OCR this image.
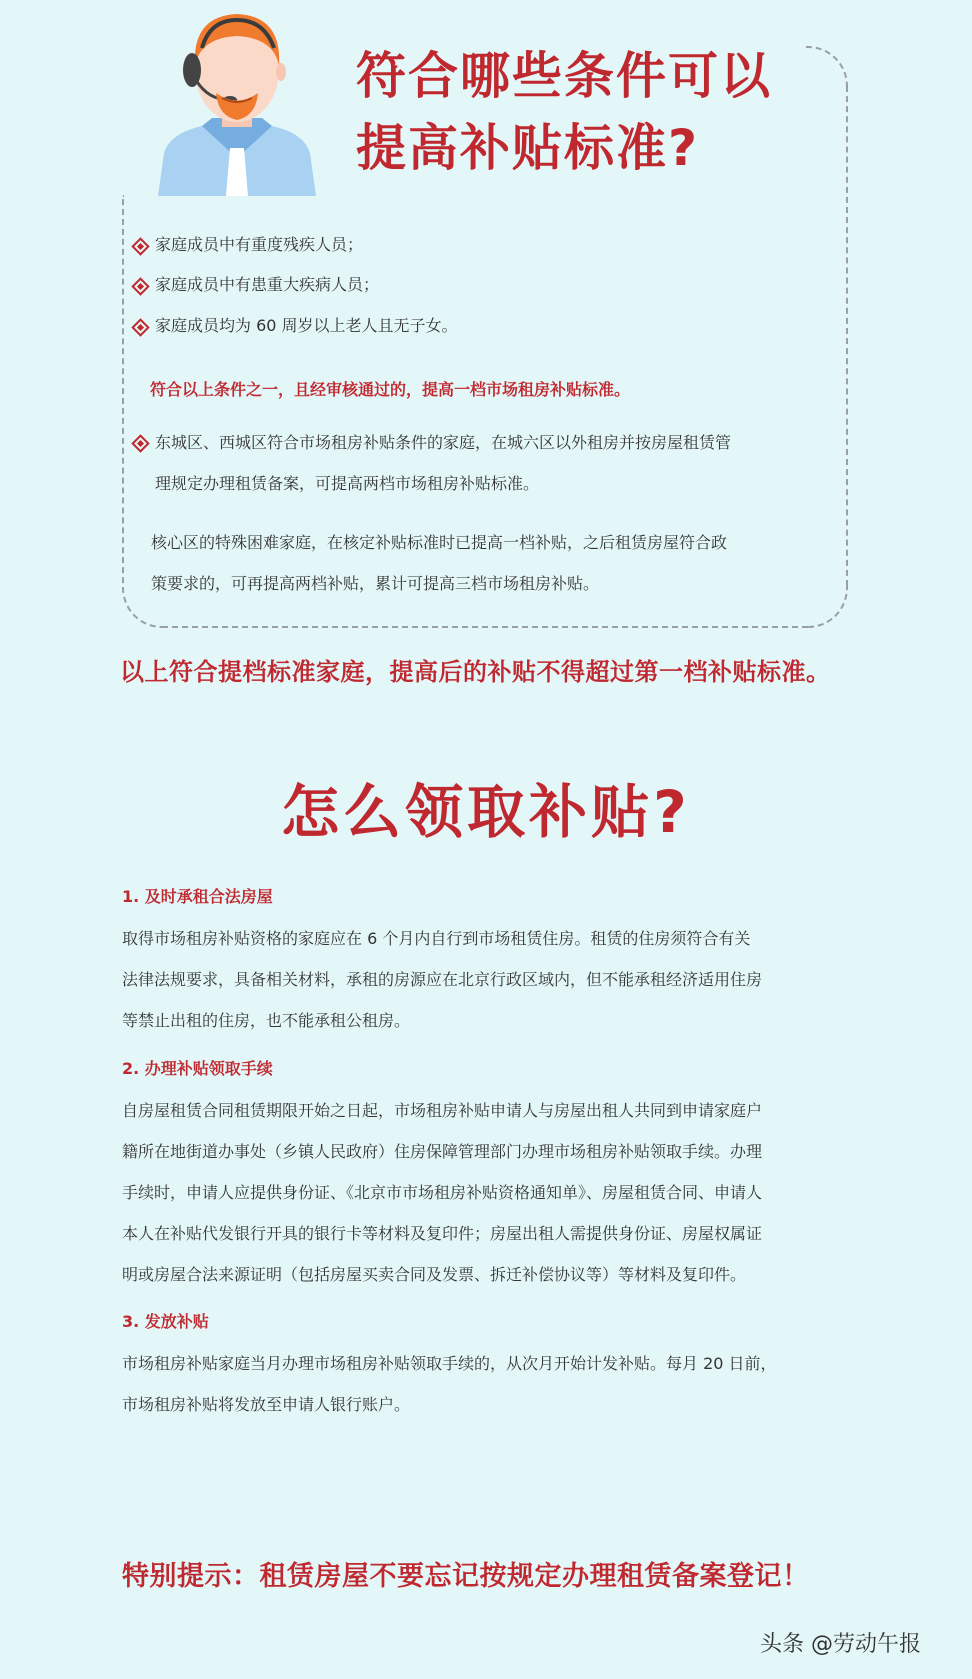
符合哪些条件可以
提高补贴标准?
家庭成员中有重度残疾人员；
家庭成员中有患重大疾病人员；
家庭成员均为 60 周岁以上老人且无子女。
符合以上条件之一，且经审核通过的，提高一档市场租房补贴标准。
东城区、西城区符合市场租房补贴条件的家庭，在城六区以外租房并按房屋租赁管
理规定办理租赁备案，可提高两档市场租房补贴标准。
核心区的特殊困难家庭，在核定补贴标准时已提高一档补贴，之后租赁房屋符合政
策要求的，可再提高两档补贴，累计可提高三档市场租房补贴。
以上符合提档标准家庭，提高后的补贴不得超过第一档补贴标准。
怎么领取补贴?
1. 及时承租合法房屋
取得市场租房补贴资格的家庭应在 6 个月内自行到市场租赁住房。租赁的住房须符合有关
法律法规要求，具备相关材料，承租的房源应在北京行政区域内，但不能承租经济适用住房
等禁止出租的住房，也不能承租公租房。
2. 办理补贴领取手续
自房屋租赁合同租赁期限开始之日起，市场租房补贴申请人与房屋出租人共同到申请家庭户
籍所在地街道办事处（乡镇人民政府）住房保障管理部门办理市场租房补贴领取手续。办理
手续时，申请人应提供身份证、《北京市市场租房补贴资格通知单》、房屋租赁合同、申请人
本人在补贴代发银行开具的银行卡等材料及复印件；房屋出租人需提供身份证、房屋权属证
明或房屋合法来源证明（包括房屋买卖合同及发票、拆迁补偿协议等）等材料及复印件。
3. 发放补贴
市场租房补贴家庭当月办理市场租房补贴领取手续的，从次月开始计发补贴。每月 20 日前，
市场租房补贴将发放至申请人银行账户。
特别提示：租赁房屋不要忘记按规定办理租赁备案登记！
头条 @劳动午报
